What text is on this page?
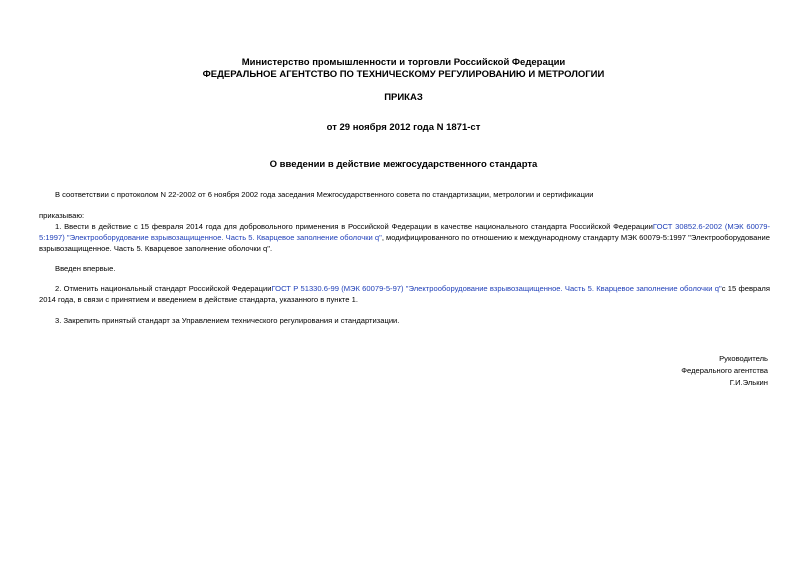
Министерство промышленности и торговли Российской Федерации
ФЕДЕРАЛЬНОЕ АГЕНТСТВО ПО ТЕХНИЧЕСКОМУ РЕГУЛИРОВАНИЮ И МЕТРОЛОГИИ
ПРИКАЗ
от 29 ноября 2012 года N 1871-ст
О введении в действие межгосударственного стандарта
В соответствии с протоколом N 22-2002 от 6 ноября 2002 года заседания Межгосударственного совета по стандартизации, метрологии и сертификации
приказываю:
1. Ввести в действие с 15 февраля 2014 года для добровольного применения в Российской Федерации в качестве национального стандарта Российской ФедерацииГОСТ 30852.6-2002 (МЭК 60079-5:1997) "Электрооборудование взрывозащищенное. Часть 5. Кварцевое заполнение оболочки q", модифицированного по отношению к международному стандарту МЭК 60079-5:1997 "Электрооборудование взрывозащищенное. Часть 5. Кварцевое заполнение оболочки q".
Введен впервые.
2. Отменить национальный стандарт Российской ФедерацииГОСТ Р 51330.6-99 (МЭК 60079-5-97) "Электрооборудование взрывозащищенное. Часть 5. Кварцевое заполнение оболочки q"с 15 февраля 2014 года, в связи с принятием и введением в действие стандарта, указанного в пункте 1.
3. Закрепить принятый стандарт за Управлением технического регулирования и стандартизации.
Руководитель
Федерального агентства
Г.И.Элькин
